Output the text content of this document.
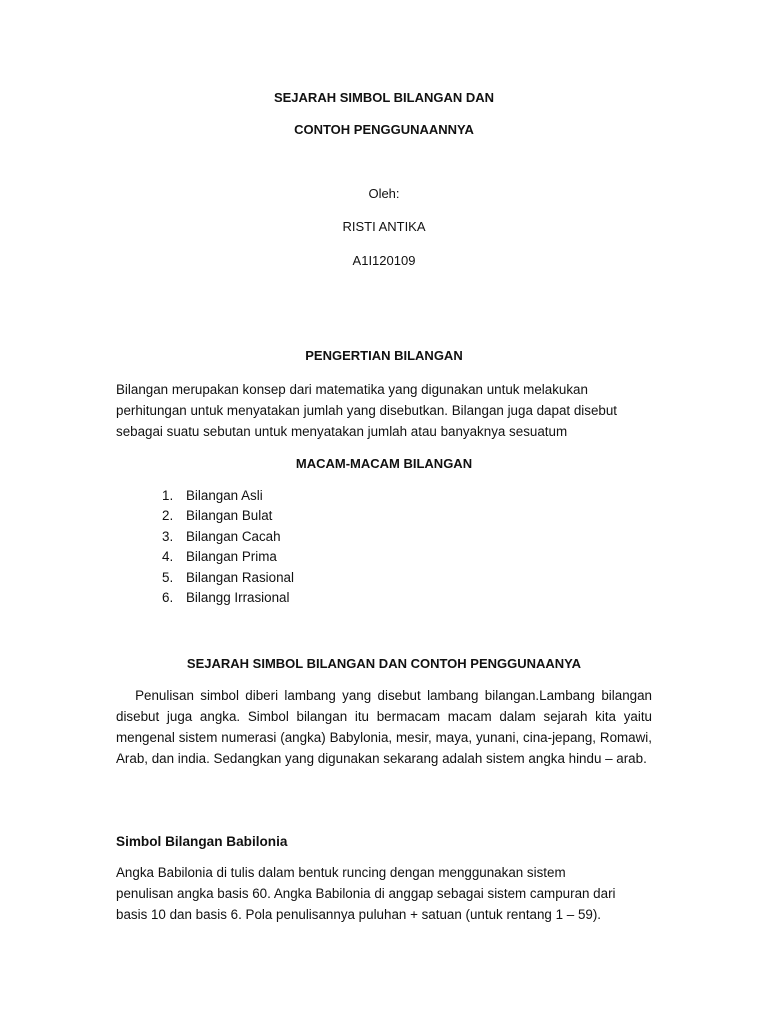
SEJARAH SIMBOL BILANGAN DAN
CONTOH PENGGUNAANNYA
Oleh:
RISTI ANTIKA
A1I120109
PENGERTIAN BILANGAN
Bilangan merupakan konsep dari matematika yang digunakan untuk melakukan
perhitungan untuk menyatakan jumlah yang disebutkan. Bilangan juga dapat disebut
sebagai suatu sebutan untuk menyatakan jumlah atau banyaknya sesuatum
MACAM-MACAM BILANGAN
1. Bilangan Asli
2. Bilangan Bulat
3. Bilangan Cacah
4. Bilangan Prima
5. Bilangan Rasional
6. Bilangg Irrasional
SEJARAH SIMBOL BILANGAN DAN CONTOH PENGGUNAANYA
Penulisan simbol diberi lambang yang disebut lambang bilangan.Lambang bilangan disebut juga angka. Simbol bilangan itu bermacam macam dalam sejarah kita yaitu mengenal sistem numerasi (angka) Babylonia, mesir, maya, yunani, cina-jepang, Romawi, Arab, dan india. Sedangkan yang digunakan sekarang adalah sistem angka hindu – arab.
Simbol Bilangan Babilonia
Angka Babilonia di tulis dalam bentuk runcing dengan menggunakan sistem
penulisan angka basis 60. Angka Babilonia di anggap sebagai sistem campuran dari
basis 10 dan basis 6. Pola penulisannya puluhan + satuan (untuk rentang 1 – 59).
